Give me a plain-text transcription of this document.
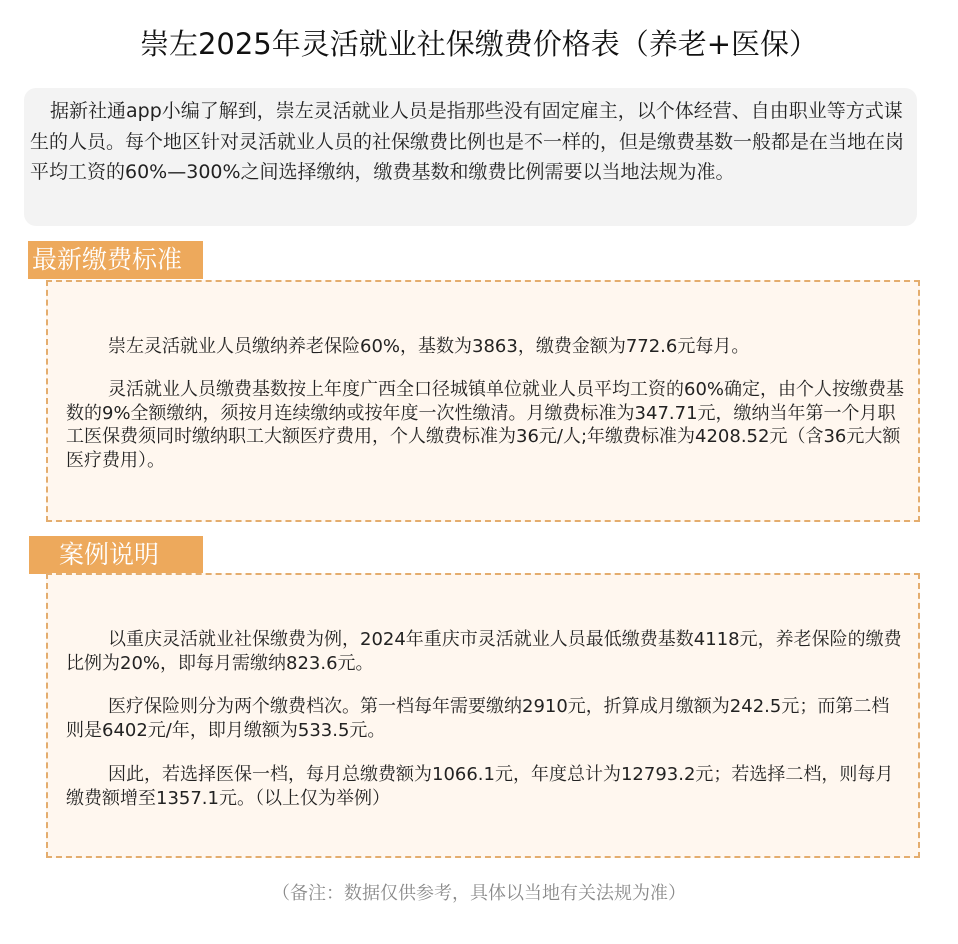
崇左2025年灵活就业社保缴费价格表（养老+医保）

据新社通app小编了解到，崇左灵活就业人员是指那些没有固定雇主，以个体经营、自由职业等方式谋生的人员。每个地区针对灵活就业人员的社保缴费比例也是不一样的，但是缴费基数一般都是在当地在岗平均工资的60%—300%之间选择缴纳，缴费基数和缴费比例需要以当地法规为准。

最新缴费标准

崇左灵活就业人员缴纳养老保险60%，基数为3863，缴费金额为772.6元每月。

灵活就业人员缴费基数按上年度广西全口径城镇单位就业人员平均工资的60%确定，由个人按缴费基数的9%全额缴纳，须按月连续缴纳或按年度一次性缴清。月缴费标准为347.71元，缴纳当年第一个月职工医保费须同时缴纳职工大额医疗费用，个人缴费标准为36元/人;年缴费标准为4208.52元（含36元大额医疗费用）。

案例说明

以重庆灵活就业社保缴费为例，2024年重庆市灵活就业人员最低缴费基数4118元，养老保险的缴费比例为20%，即每月需缴纳823.6元。

医疗保险则分为两个缴费档次。第一档每年需要缴纳2910元，折算成月缴额为242.5元；而第二档则是6402元/年，即月缴额为533.5元。

因此，若选择医保一档，每月总缴费额为1066.1元，年度总计为12793.2元；若选择二档，则每月缴费额增至1357.1元。（以上仅为举例）

（备注：数据仅供参考，具体以当地有关法规为准）
